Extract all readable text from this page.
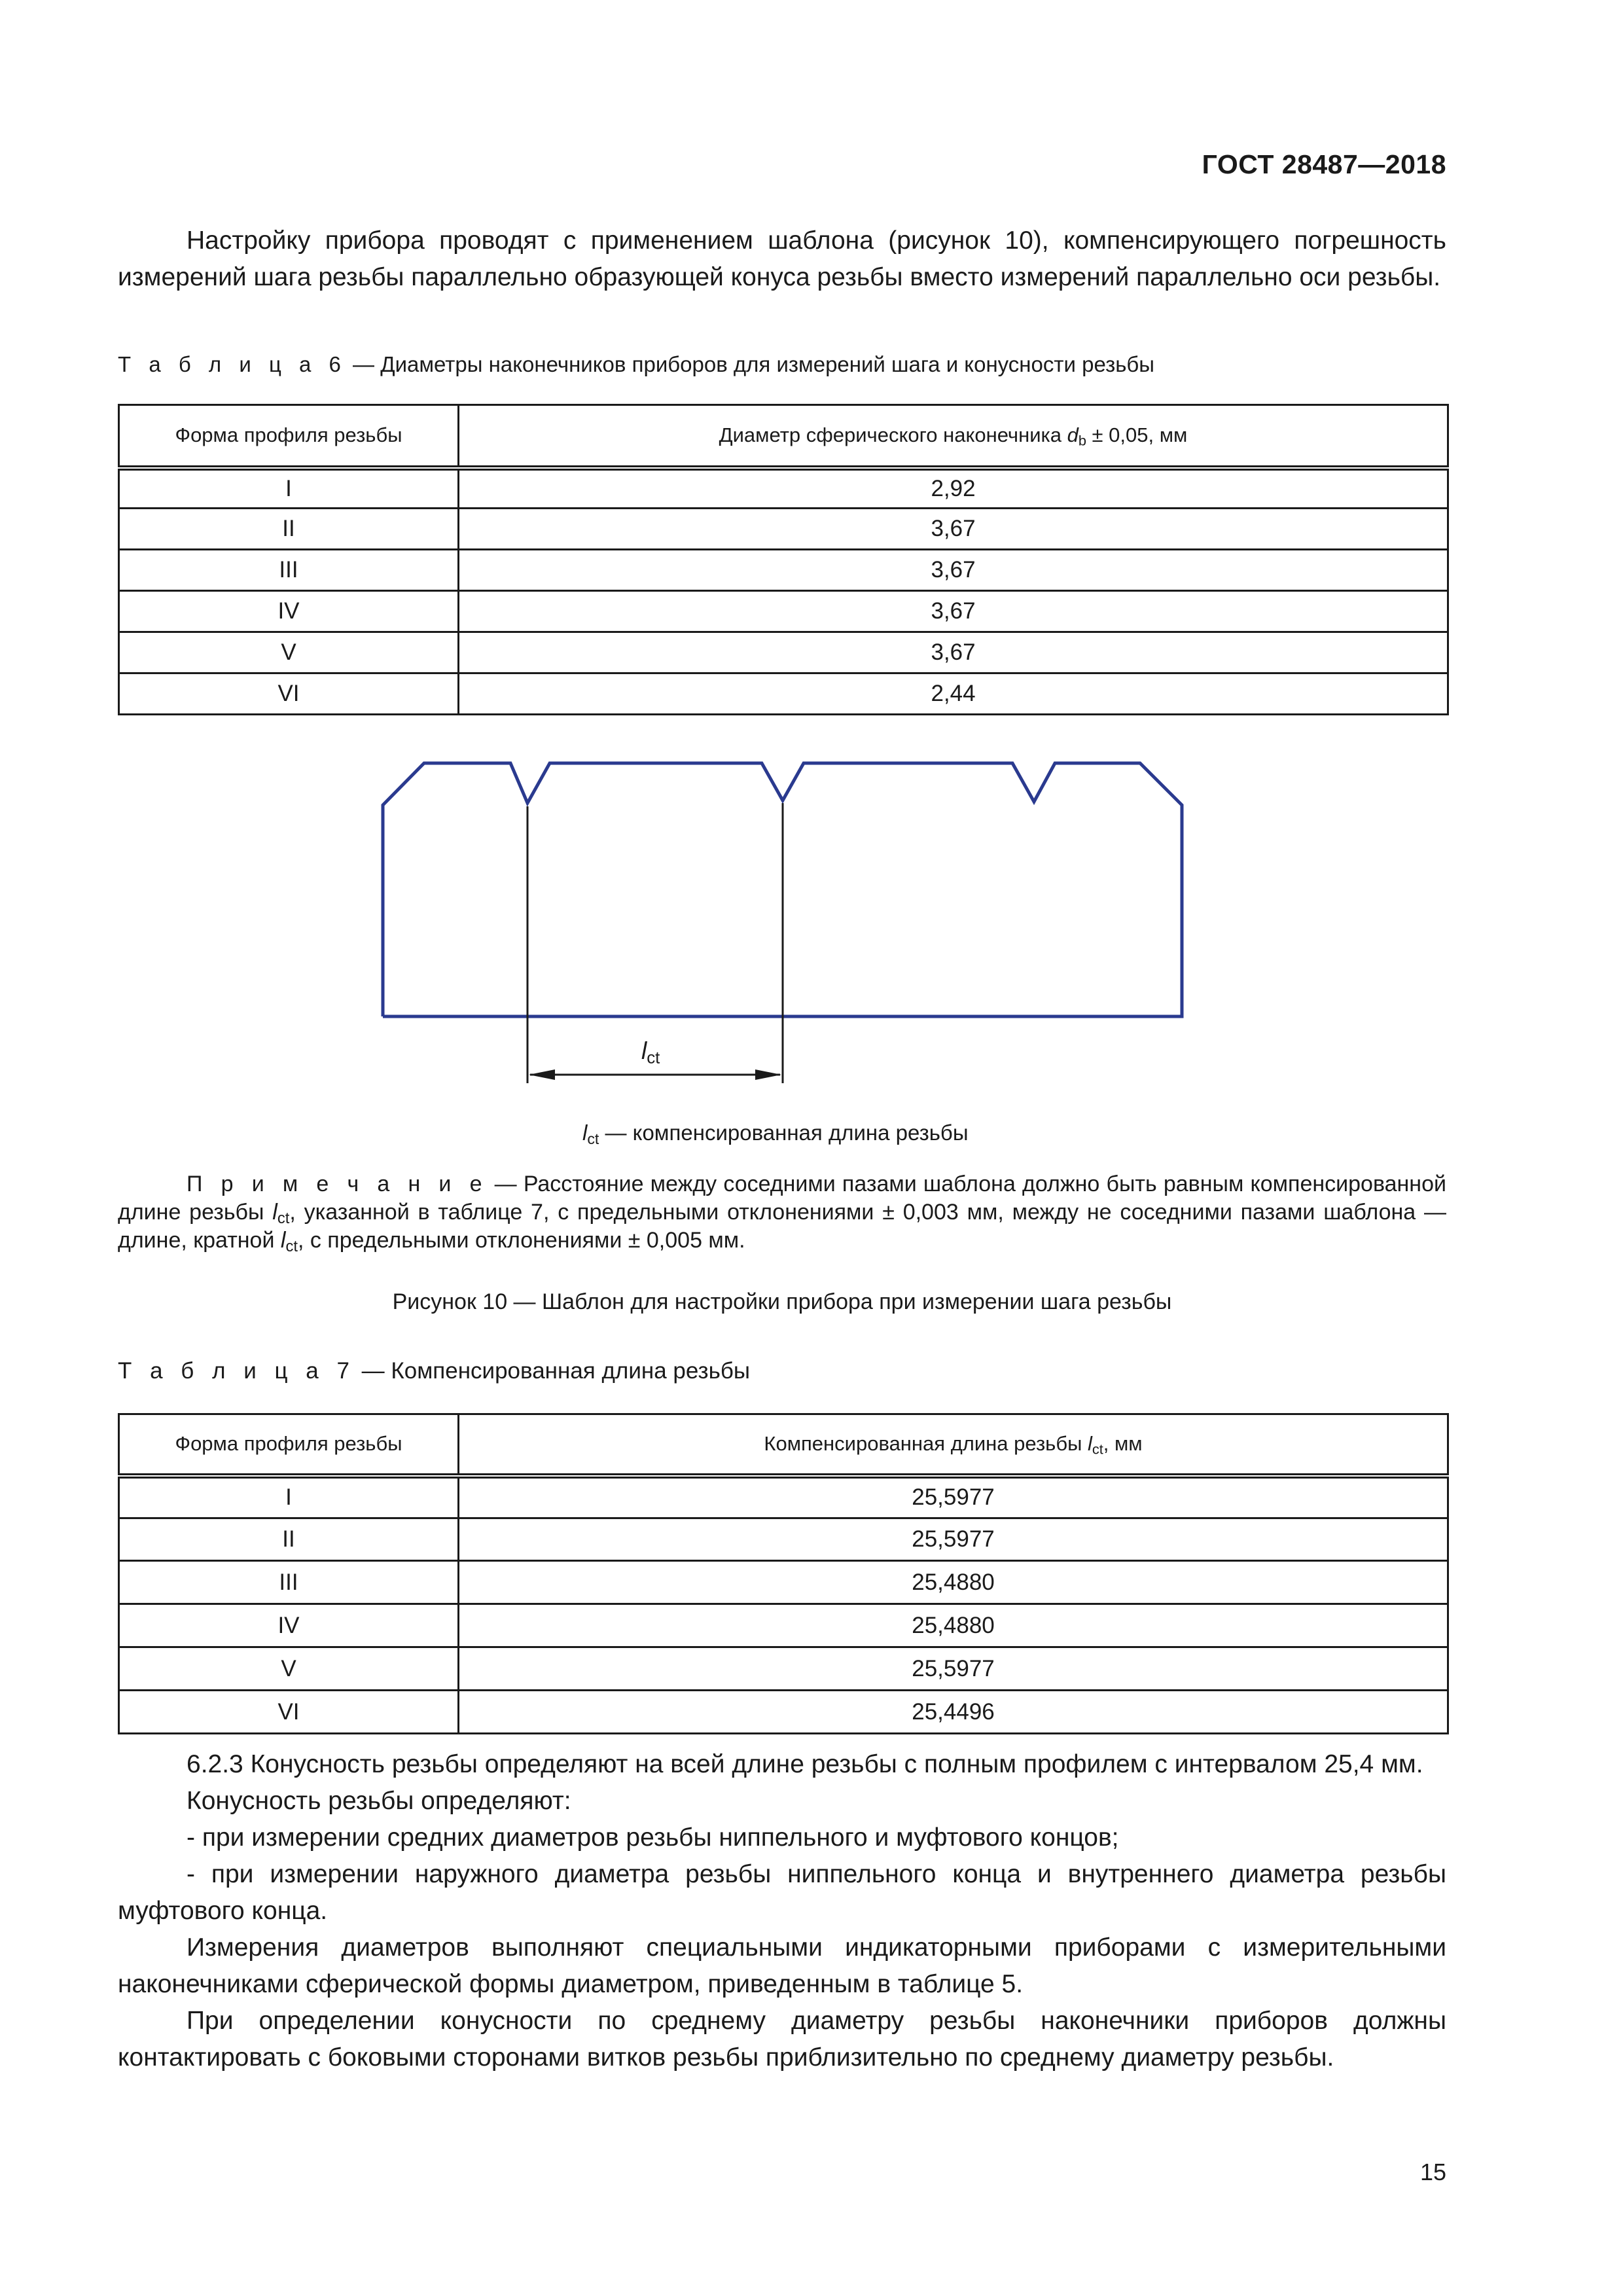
ГОСТ 28487—2018
Настройку прибора проводят с применением шаблона (рисунок 10), компенсирующего погрешность измерений шага резьбы параллельно образующей конуса резьбы вместо измерений параллельно оси резьбы.
Т а б л и ц а 6 — Диаметры наконечников приборов для измерений шага и конусности резьбы
Форма профиля резьбы	Диаметр сферического наконечника $d_b \pm 0,05$, мм
I	2,92
II	3,67
III	3,67
IV	3,67
V	3,67
VI	2,44
$l_{ct}$
$l_{ct}$ — компенсированная длина резьбы
П р и м е ч а н и е — Расстояние между соседними пазами шаблона должно быть равным компенсированной длине резьбы $l_{ct}$, указанной в таблице 7, с предельными отклонениями ± 0,003 мм, между не соседними пазами шаблона — длине, кратной $l_{ct}$, с предельными отклонениями ± 0,005 мм.
Рисунок 10 — Шаблон для настройки прибора при измерении шага резьбы
Т а б л и ц а 7 — Компенсированная длина резьбы
Форма профиля резьбы	Компенсированная длина резьбы $l_{ct}$, мм
I	25,5977
II	25,5977
III	25,4880
IV	25,4880
V	25,5977
VI	25,4496
6.2.3 Конусность резьбы определяют на всей длине резьбы с полным профилем с интервалом 25,4 мм.
Конусность резьбы определяют:
- при измерении средних диаметров резьбы ниппельного и муфтового концов;
- при измерении наружного диаметра резьбы ниппельного конца и внутреннего диаметра резьбы муфтового конца.
Измерения диаметров выполняют специальными индикаторными приборами с измерительными наконечниками сферической формы диаметром, приведенным в таблице 5.
При определении конусности по среднему диаметру резьбы наконечники приборов должны контактировать с боковыми сторонами витков резьбы приблизительно по среднему диаметру резьбы.
15
